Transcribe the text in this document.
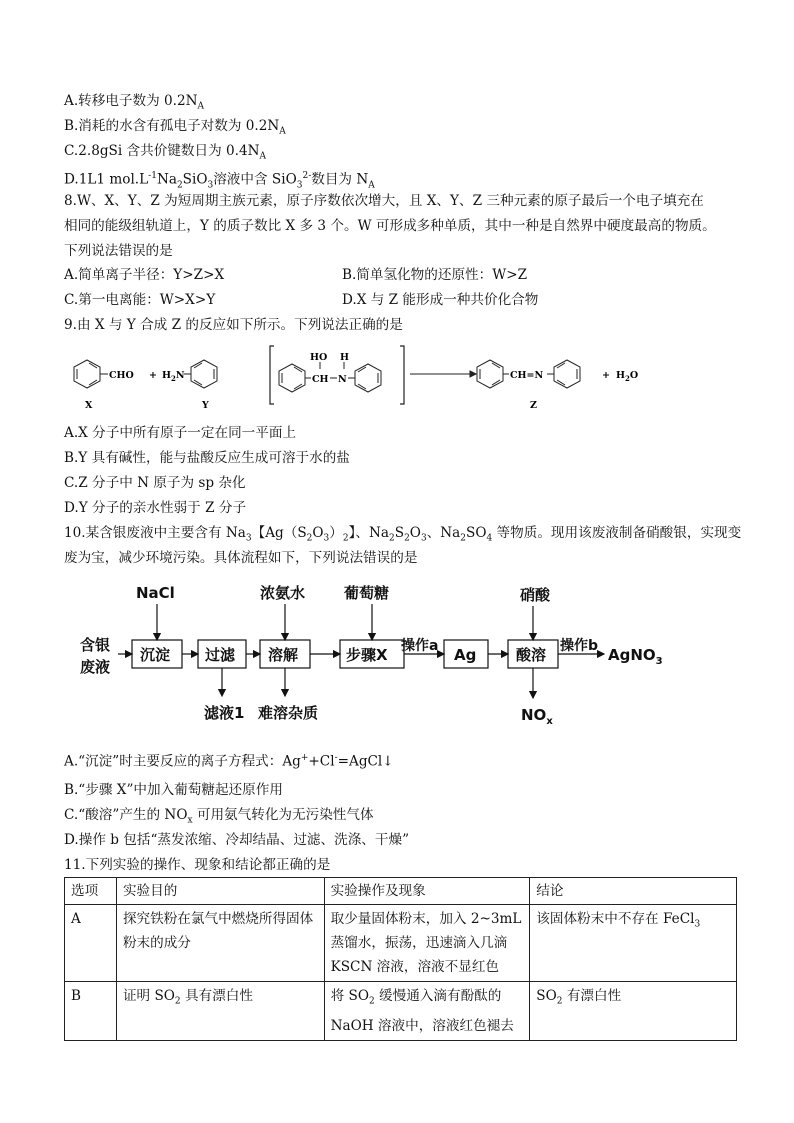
A.转移电子数为 $0.2N_A$
B.消耗的水含有孤电子对数为 $0.2N_A$
C.2.8gSi 含共价键数日为 $0.4N_A$
D.1L1 $mol.L^{-1}Na_2SiO_3$溶液中含 SiO$_3^{2-}$数目为 $N_A$
8.W、X、Y、Z 为短周期主族元素，原子序数依次增大，且 X、Y、Z 三种元素的原子最后一个电子填充在
相同的能级组轨道上，Y 的质子数比 X 多 3 个。W 可形成多种单质，其中一种是自然界中硬度最高的物质。
下列说法错误的是
A.简单离子半径：Y>Z>X	B.简单氢化物的还原性：W>Z
C.第一电离能：W>X>Y	D.X 与 Z 能形成一种共价化合物
9.由 X 与 Y 合成 Z 的反应如下所示。下列说法正确的是
CHO + $H_2N$
X	Y
HO H
CH N	CH=N
Z
+ $H_2O$
A.X 分子中所有原子一定在同一平面上
B.Y 具有碱性，能与盐酸反应生成可溶于水的盐
C.Z 分子中 N 原子为 sp 杂化
D.Y 分子的亲水性弱于 Z 分子
10.某含银废液中主要含有 $Na_3$【$Ag(S_2O_3)_2$】、$Na_2S_2O_3$、$Na_2SO_4$ 等物质。现用该废液制备硝酸银，实现变
废为宝，减少环境污染。具体流程如下，下列说法错误的是
含银
废液
NaCl	浓氨水	葡萄糖	硝酸
沉淀 过滤 溶解	步骤X	Ag	酸溶
操作a	操作b AgNO$_3$
滤液1 难溶杂质	$NO_x$
A.“沉淀”时主要反应的离子方程式：Ag++Cl-=AgCl↓
B.“步骤 X”中加入葡萄糖起还原作用
C.“酸溶”产生的 $NO_x$ 可用氨气转化为无污染性气体
D.操作 b 包括“蒸发浓缩、冷却结晶、过滤、洗涤、干燥”
11.下列实验的操作、现象和结论都正确的是
选项	实验目的	实验操作及现象	结论
A	探究铁粉在氯气中燃烧所得固体粉末的成分	取少量固体粉末，加入 2~3mL 蒸馏水，振荡，迅速滴入几滴 KSCN 溶液，溶液不显红色	该固体粉末中不存在 FeCl$_3$
B	证明 $SO_2$ 具有漂白性	将 $SO_2$ 缓慢通入滴有酚酞的 NaOH 溶液中，溶液红色褪去	$SO_2$ 有漂白性
